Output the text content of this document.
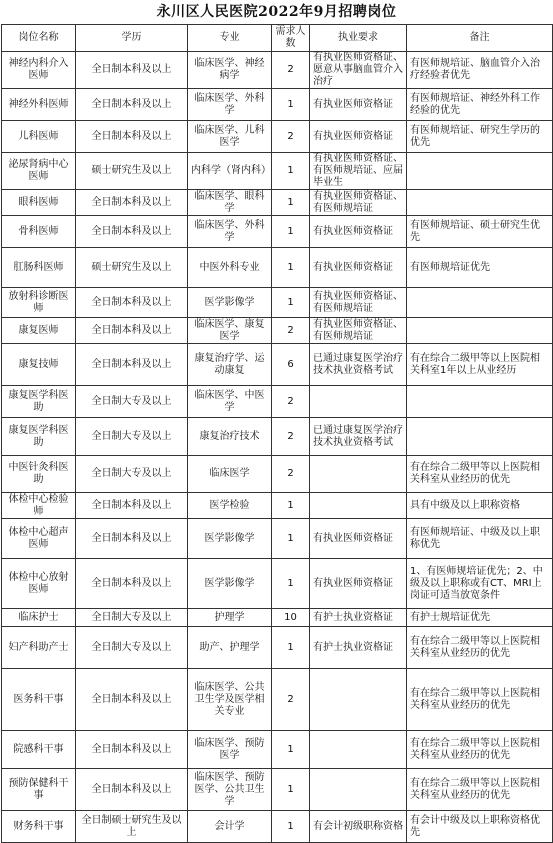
永川区人民医院2022年9月招聘岗位
岗位名称	学历	专业	需求人数	执业要求	备注
神经内科介入医师	全日制本科及以上	临床医学、神经病学	2	有执业医师资格证、愿意从事脑血管介入治疗	有医师规培证、脑血管介入治疗经验者优先
神经外科医师	全日制本科及以上	临床医学、外科学	1	有执业医师资格证	有医师规培证、神经外科工作经验的优先
儿科医师	全日制本科及以上	临床医学、儿科医学	2	有执业医师资格证	有医师规培证、研究生学历的优先
泌尿肾病中心医师	硕士研究生及以上	内科学（肾内科）	1	有执业医师资格证、有医师规培证、应届毕业生	
眼科医师	全日制本科及以上	临床医学、眼科学	1	有执业医师资格证、有医师规培证	
骨科医师	全日制本科及以上	临床医学、外科学	1	有执业医师资格证	有医师规培证、硕士研究生优先
肛肠科医师	硕士研究生及以上	中医外科专业	1	有执业医师资格证	有医师规培证优先
放射科诊断医师	全日制本科及以上	医学影像学	1	有执业医师资格证、有医师规培证	
康复医师	全日制本科及以上	临床医学、康复医学	2	有执业医师资格证、有医师规培证	
康复技师	全日制本科及以上	康复治疗学、运动康复	6	已通过康复医学治疗技术执业资格考试	有在综合二级甲等以上医院相关科室1年以上从业经历
康复医学科医助	全日制大专及以上	临床医学、中医学	2		
康复医学科医助	全日制大专及以上	康复治疗技术	2	已通过康复医学治疗技术执业资格考试	
中医针灸科医助	全日制大专及以上	临床医学	2		有在综合二级甲等以上医院相关科室从业经历的优先
体检中心检验师	全日制本科及以上	医学检验	1		具有中级及以上职称资格
体检中心超声医师	全日制本科及以上	医学影像学	1	有执业医师资格证	有医师规培证、中级及以上职称优先
体检中心放射医师	全日制本科及以上	医学影像学	1	有执业医师资格证	1、有医师规培证优先；2、中级及以上职称或有CT、MRI上岗证可适当放宽条件
临床护士	全日制大专及以上	护理学	10	有护士执业资格证	有护士规培证优先
妇产科助产士	全日制大专及以上	助产、护理学	1	有护士执业资格证	有在综合二级甲等以上医院相关科室从业经历的优先
医务科干事	全日制本科及以上	临床医学、公共卫生学及医学相关专业	2		有在综合二级甲等以上医院相关科室从业经历的优先
院感科干事	全日制本科及以上	临床医学、预防医学	1		有在综合二级甲等以上医院相关科室从业经历的优先
预防保健科干事	全日制本科及以上	临床医学、预防医学、公共卫生学	1		有在综合二级甲等以上医院相关科室从业经历的优先
财务科干事	全日制硕士研究生及以上	会计学	1	有会计初级职称资格	有会计中级及以上职称资格优先
